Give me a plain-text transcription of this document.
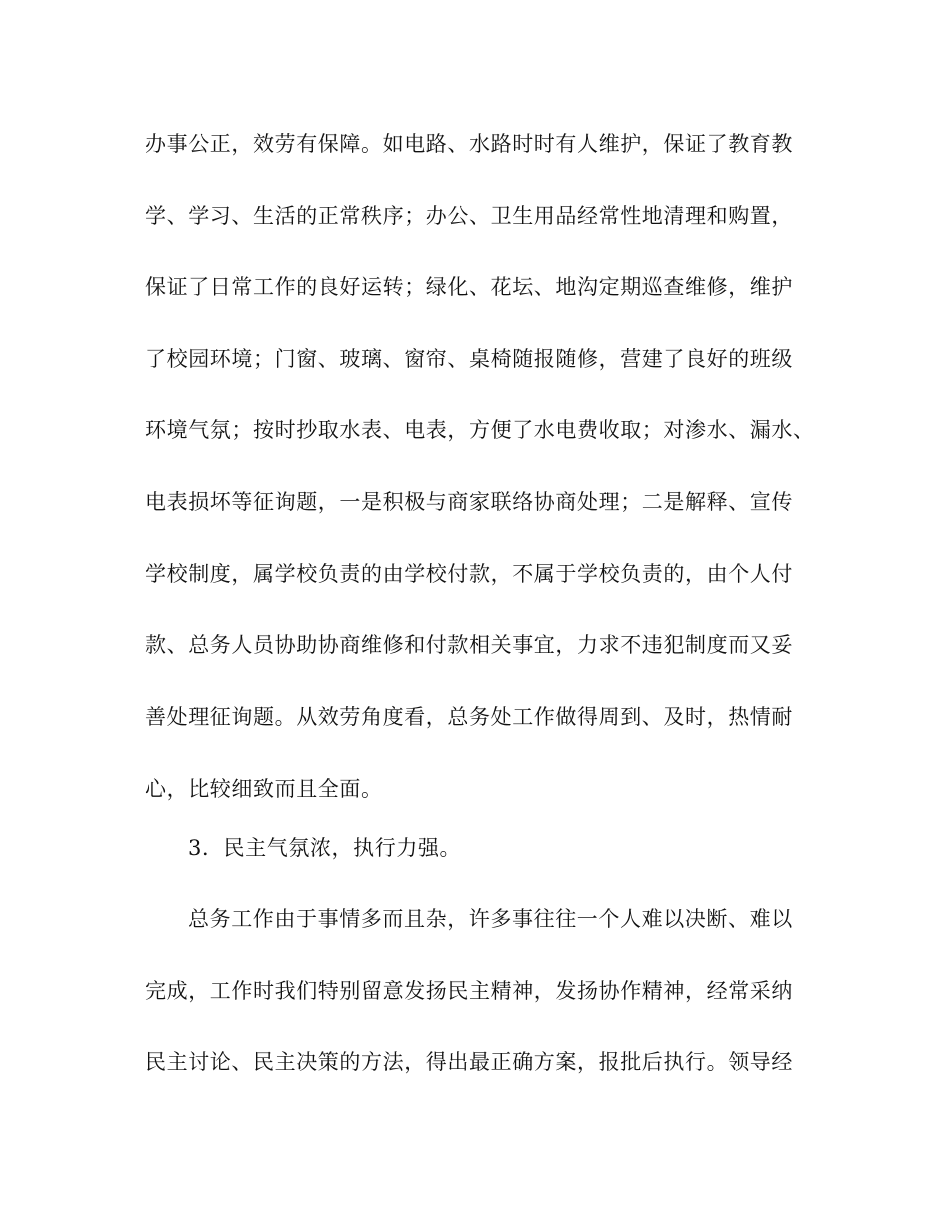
办事公正，效劳有保障。如电路、水路时时有人维护，保证了教育教
学、学习、生活的正常秩序；办公、卫生用品经常性地清理和购置，
保证了日常工作的良好运转；绿化、花坛、地沟定期巡查维修，维护
了校园环境；门窗、玻璃、窗帘、桌椅随报随修，营建了良好的班级
环境气氛；按时抄取水表、电表，方便了水电费收取；对渗水、漏水、
电表损坏等征询题，一是积极与商家联络协商处理；二是解释、宣传
学校制度，属学校负责的由学校付款，不属于学校负责的，由个人付
款、总务人员协助协商维修和付款相关事宜，力求不违犯制度而又妥
善处理征询题。从效劳角度看，总务处工作做得周到、及时，热情耐
心，比较细致而且全面。
3．民主气氛浓，执行力强。
总务工作由于事情多而且杂，许多事往往一个人难以决断、难以
完成，工作时我们特别留意发扬民主精神，发扬协作精神，经常采纳
民主讨论、民主决策的方法，得出最正确方案，报批后执行。领导经
